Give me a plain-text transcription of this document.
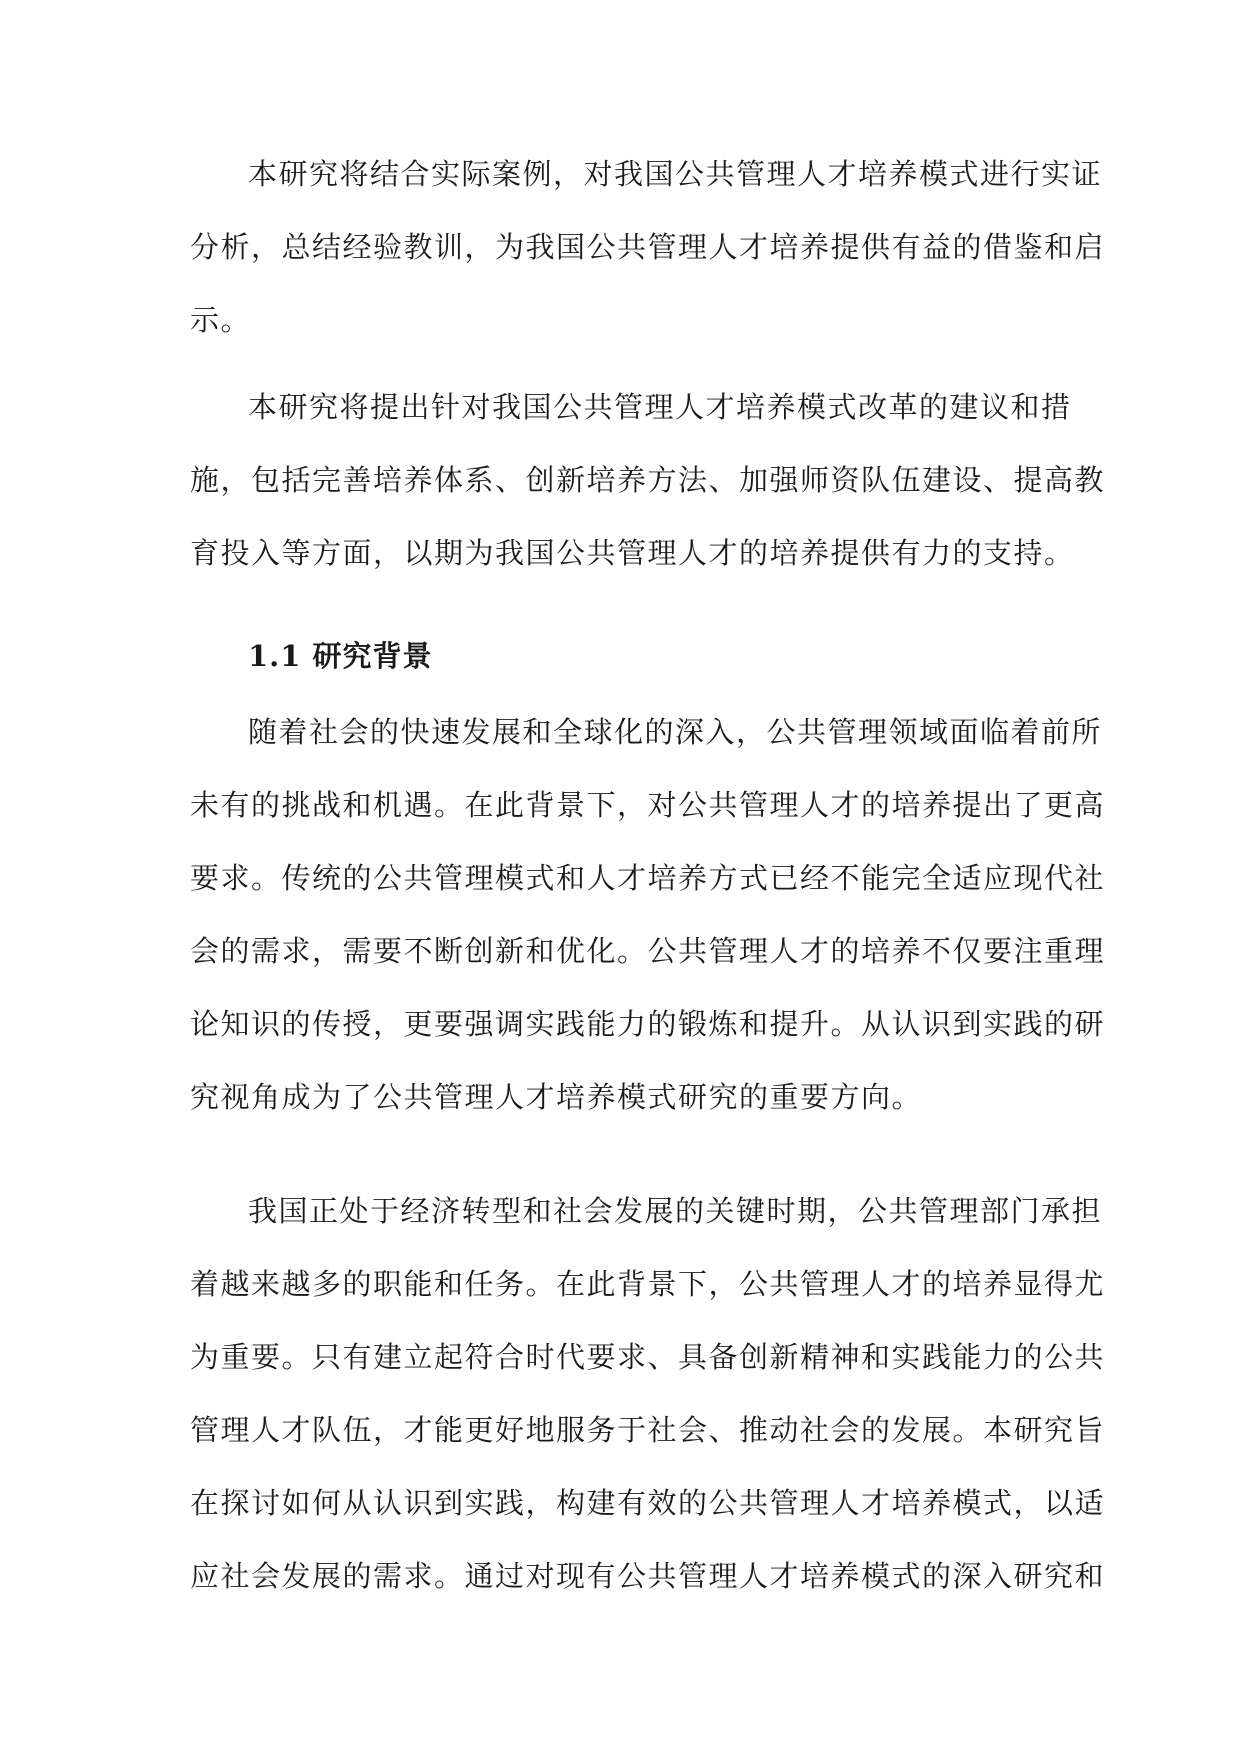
本研究将结合实际案例，对我国公共管理人才培养模式进行实证
分析，总结经验教训，为我国公共管理人才培养提供有益的借鉴和启
示。

本研究将提出针对我国公共管理人才培养模式改革的建议和措
施，包括完善培养体系、创新培养方法、加强师资队伍建设、提高教
育投入等方面，以期为我国公共管理人才的培养提供有力的支持。

1.1 研究背景

随着社会的快速发展和全球化的深入，公共管理领域面临着前所
未有的挑战和机遇。在此背景下，对公共管理人才的培养提出了更高
要求。传统的公共管理模式和人才培养方式已经不能完全适应现代社
会的需求，需要不断创新和优化。公共管理人才的培养不仅要注重理
论知识的传授，更要强调实践能力的锻炼和提升。从认识到实践的研
究视角成为了公共管理人才培养模式研究的重要方向。

我国正处于经济转型和社会发展的关键时期，公共管理部门承担
着越来越多的职能和任务。在此背景下，公共管理人才的培养显得尤
为重要。只有建立起符合时代要求、具备创新精神和实践能力的公共
管理人才队伍，才能更好地服务于社会、推动社会的发展。本研究旨
在探讨如何从认识到实践，构建有效的公共管理人才培养模式，以适
应社会发展的需求。通过对现有公共管理人才培养模式的深入研究和
